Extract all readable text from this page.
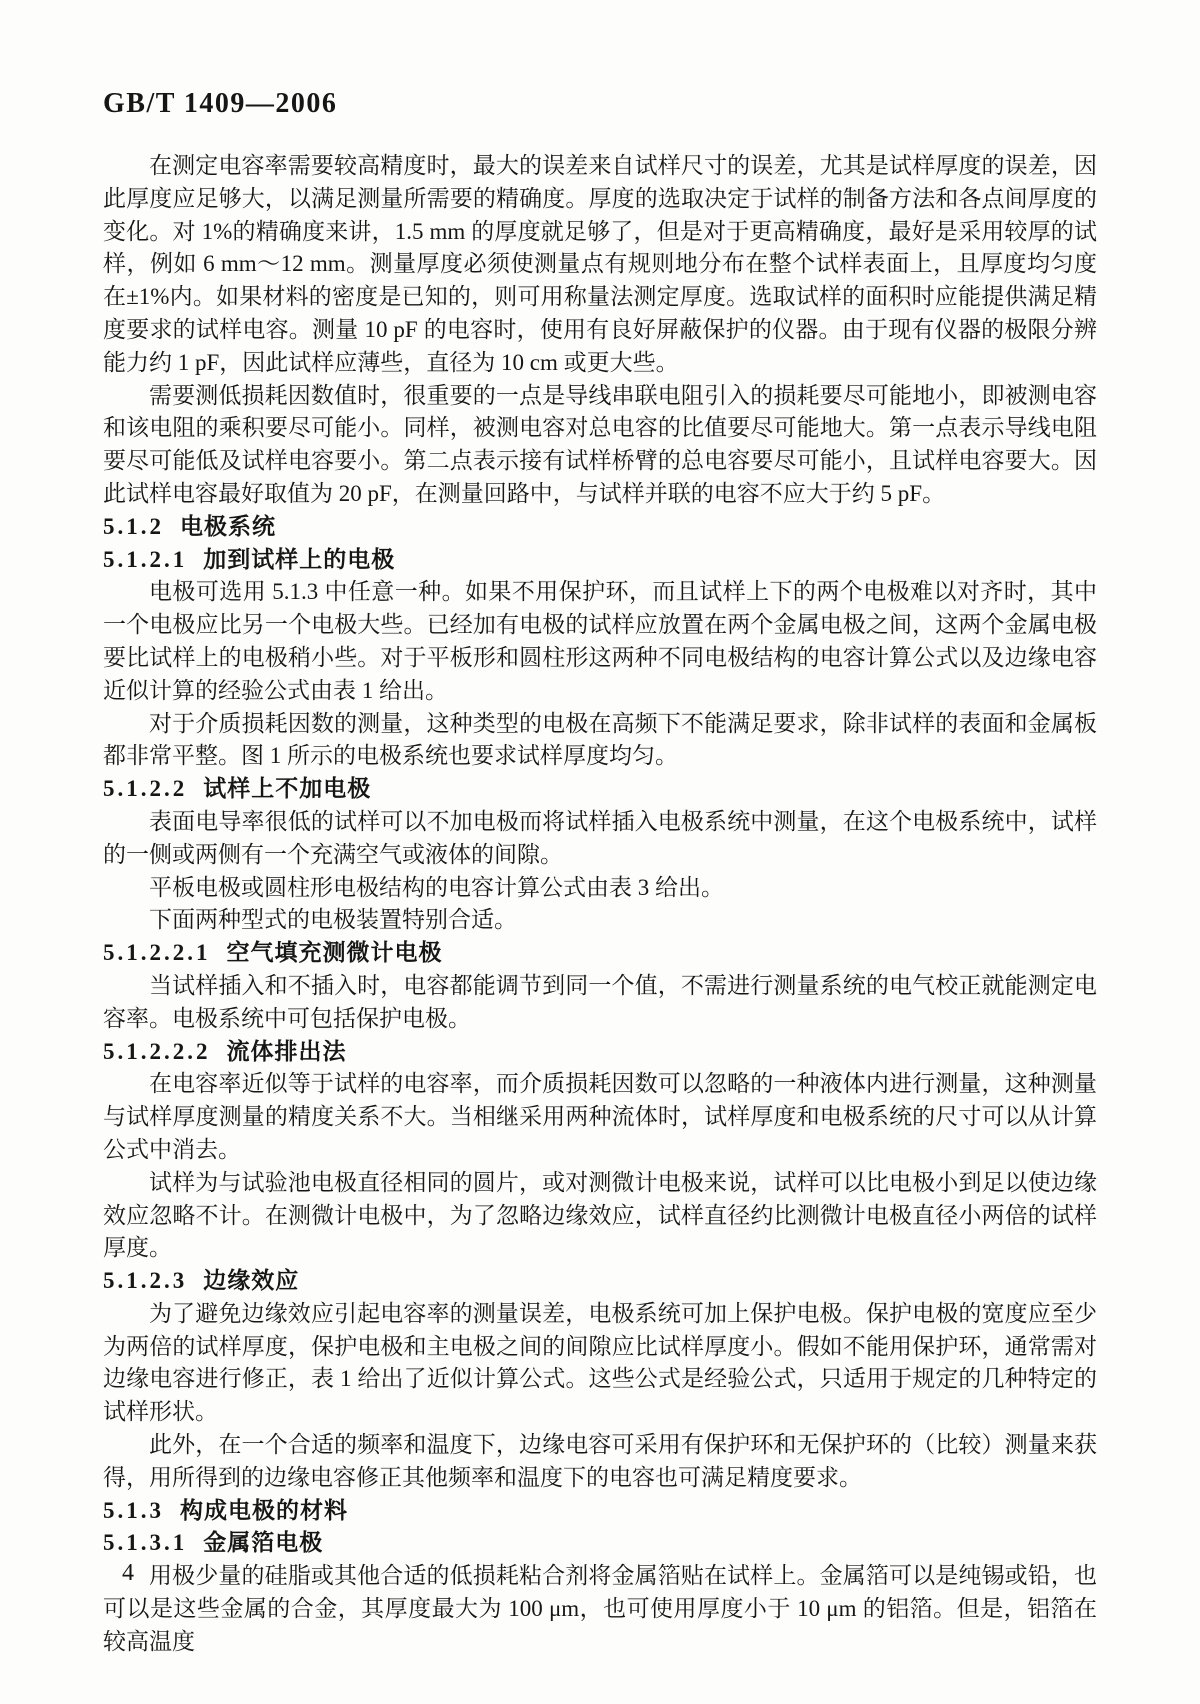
GB/T 1409—2006

在测定电容率需要较高精度时，最大的误差来自试样尺寸的误差，尤其是试样厚度的误差，因此厚度应足够大，以满足测量所需要的精确度。厚度的选取决定于试样的制备方法和各点间厚度的变化。对 1%的精确度来讲，1.5 mm 的厚度就足够了，但是对于更高精确度，最好是采用较厚的试样，例如 6 mm～12 mm。测量厚度必须使测量点有规则地分布在整个试样表面上，且厚度均匀度在±1%内。如果材料的密度是已知的，则可用称量法测定厚度。选取试样的面积时应能提供满足精度要求的试样电容。测量 10 pF 的电容时，使用有良好屏蔽保护的仪器。由于现有仪器的极限分辨能力约 1 pF，因此试样应薄些，直径为 10 cm 或更大些。

需要测低损耗因数值时，很重要的一点是导线串联电阻引入的损耗要尽可能地小，即被测电容和该电阻的乘积要尽可能小。同样，被测电容对总电容的比值要尽可能地大。第一点表示导线电阻要尽可能低及试样电容要小。第二点表示接有试样桥臂的总电容要尽可能小，且试样电容要大。因此试样电容最好取值为 20 pF，在测量回路中，与试样并联的电容不应大于约 5 pF。

5.1.2 电极系统

5.1.2.1 加到试样上的电极

电极可选用 5.1.3 中任意一种。如果不用保护环，而且试样上下的两个电极难以对齐时，其中一个电极应比另一个电极大些。已经加有电极的试样应放置在两个金属电极之间，这两个金属电极要比试样上的电极稍小些。对于平板形和圆柱形这两种不同电极结构的电容计算公式以及边缘电容近似计算的经验公式由表 1 给出。

对于介质损耗因数的测量，这种类型的电极在高频下不能满足要求，除非试样的表面和金属板都非常平整。图 1 所示的电极系统也要求试样厚度均匀。

5.1.2.2 试样上不加电极

表面电导率很低的试样可以不加电极而将试样插入电极系统中测量，在这个电极系统中，试样的一侧或两侧有一个充满空气或液体的间隙。

平板电极或圆柱形电极结构的电容计算公式由表 3 给出。

下面两种型式的电极装置特别合适。

5.1.2.2.1 空气填充测微计电极

当试样插入和不插入时，电容都能调节到同一个值，不需进行测量系统的电气校正就能测定电容率。电极系统中可包括保护电极。

5.1.2.2.2 流体排出法

在电容率近似等于试样的电容率，而介质损耗因数可以忽略的一种液体内进行测量，这种测量与试样厚度测量的精度关系不大。当相继采用两种流体时，试样厚度和电极系统的尺寸可以从计算公式中消去。

试样为与试验池电极直径相同的圆片，或对测微计电极来说，试样可以比电极小到足以使边缘效应忽略不计。在测微计电极中，为了忽略边缘效应，试样直径约比测微计电极直径小两倍的试样厚度。

5.1.2.3 边缘效应

为了避免边缘效应引起电容率的测量误差，电极系统可加上保护电极。保护电极的宽度应至少为两倍的试样厚度，保护电极和主电极之间的间隙应比试样厚度小。假如不能用保护环，通常需对边缘电容进行修正，表 1 给出了近似计算公式。这些公式是经验公式，只适用于规定的几种特定的试样形状。

此外，在一个合适的频率和温度下，边缘电容可采用有保护环和无保护环的（比较）测量来获得，用所得到的边缘电容修正其他频率和温度下的电容也可满足精度要求。

5.1.3 构成电极的材料

5.1.3.1 金属箔电极

用极少量的硅脂或其他合适的低损耗粘合剂将金属箔贴在试样上。金属箔可以是纯锡或铅，也可以是这些金属的合金，其厚度最大为 100 μm，也可使用厚度小于 10 μm 的铝箔。但是，铝箔在较高温度

4
